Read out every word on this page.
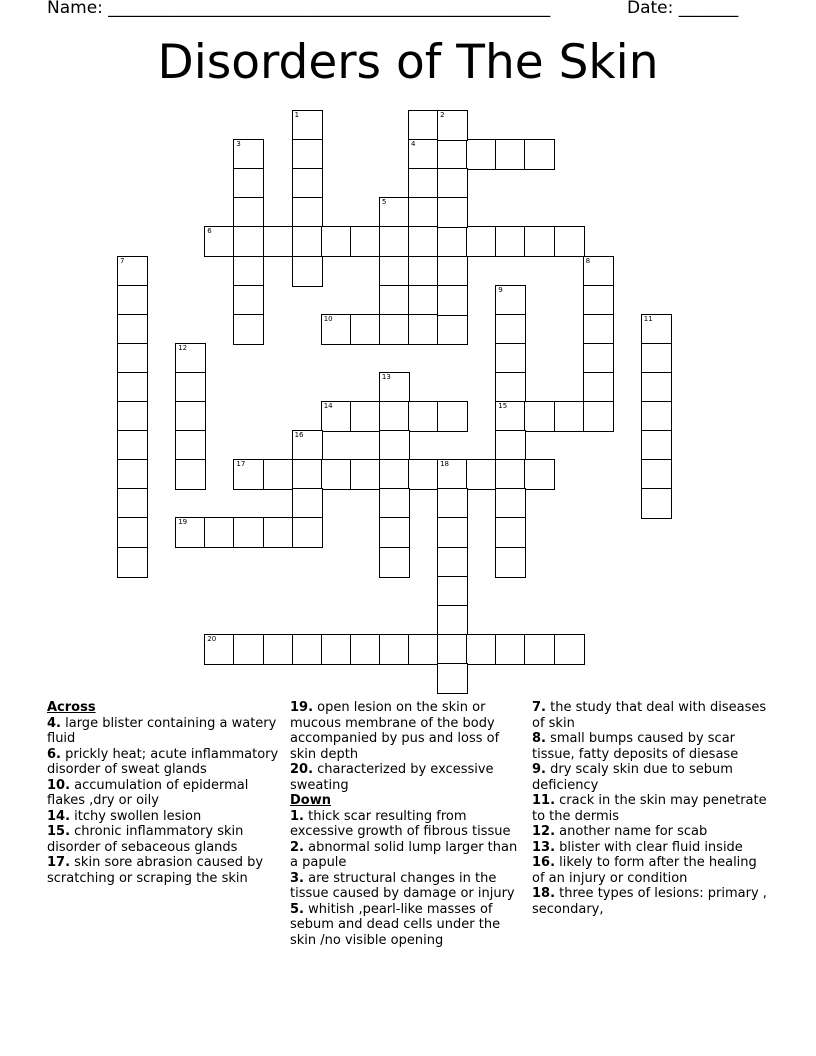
Name: ____________________________________________________	Date: _______
Disorders of The Skin
1	2
3	4
5
6
7	8
9
10	11
12
13
14	15
16
17	18
19
20
Across

4. large blister containing a watery fluid

6. prickly heat; acute inflammatory disorder of sweat glands

10. accumulation of epidermal flakes ,dry or oily

14. itchy swollen lesion

15. chronic inflammatory skin disorder of sebaceous glands

17. skin sore abrasion caused by scratching or scraping the skin

19. open lesion on the skin or mucous membrane of the body accompanied by pus and loss of skin depth

20. characterized by excessive sweating

Down

1. thick scar resulting from excessive growth of fibrous tissue

2. abnormal solid lump larger than a papule

3. are structural changes in the tissue caused by damage or injury

5. whitish ,pearl-like masses of sebum and dead cells under the skin /no visible opening

7. the study that deal with diseases of skin

8. small bumps caused by scar tissue, fatty deposits of diesase

9. dry scaly skin due to sebum deficiency

11. crack in the skin may penetrate to the dermis

12. another name for scab

13. blister with clear fluid inside

16. likely to form after the healing of an injury or condition

18. three types of lesions: primary , secondary,
